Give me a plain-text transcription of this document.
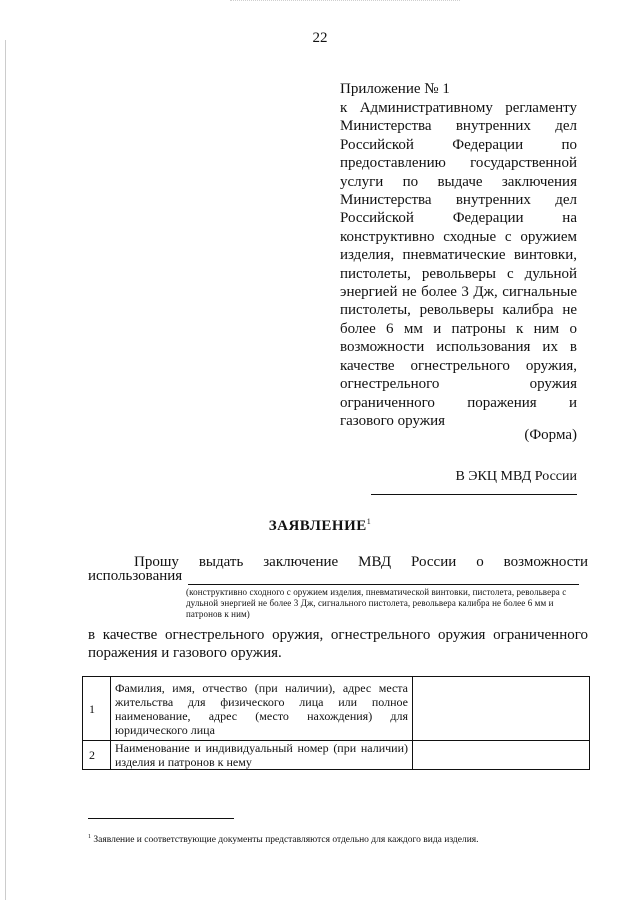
22
Приложение № 1
к Административному регламенту Министерства внутренних дел Российской Федерации по предоставлению государственной услуги по выдаче заключения Министерства внутренних дел Российской Федерации на конструктивно сходные с оружием изделия, пневматические винтовки, пистолеты, револьверы с дульной энергией не более 3 Дж, сигнальные пистолеты, револьверы калибра не более 6 мм и патроны к ним о возможности использования их в качестве огнестрельного оружия, огнестрельного оружия ограниченного поражения и газового оружия
(Форма)
В ЭКЦ МВД России
ЗАЯВЛЕНИЕ$^1$
Прошу выдать заключение МВД России о возможности
использования
(конструктивно сходного с оружием изделия, пневматической винтовки, пистолета, револьвера с дульной энергией не более 3 Дж, сигнального пистолета, револьвера калибра не более 6 мм и патронов к ним)
в качестве огнестрельного оружия, огнестрельного оружия ограниченного поражения и газового оружия.
1	Фамилия, имя, отчество (при наличии), адрес места жительства для физического лица или полное наименование, адрес (место нахождения) для юридического лица	
2	Наименование и индивидуальный номер (при наличии) изделия и патронов к нему	
$^1$ Заявление и соответствующие документы представляются отдельно для каждого вида изделия.
